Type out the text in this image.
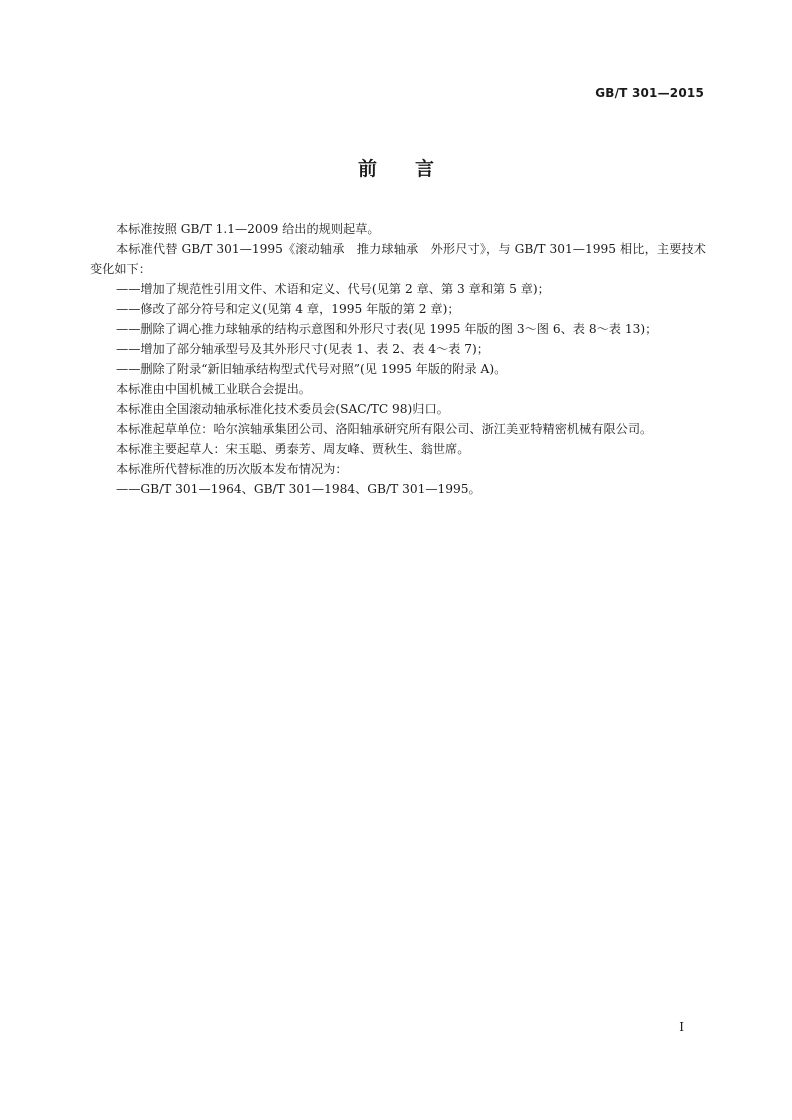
GB/T 301—2015
前言

本标准按照 GB/T 1.1—2009 给出的规则起草。

本标准代替 GB/T 301—1995《滚动轴承　推力球轴承　外形尺寸》，与 GB/T 301—1995 相比，主要技术变化如下：

——增加了规范性引用文件、术语和定义、代号(见第 2 章、第 3 章和第 5 章)；

——修改了部分符号和定义(见第 4 章，1995 年版的第 2 章)；

——删除了调心推力球轴承的结构示意图和外形尺寸表(见 1995 年版的图 3～图 6、表 8～表 13)；

——增加了部分轴承型号及其外形尺寸(见表 1、表 2、表 4～表 7)；

——删除了附录“新旧轴承结构型式代号对照”(见 1995 年版的附录 A)。

本标准由中国机械工业联合会提出。

本标准由全国滚动轴承标准化技术委员会(SAC/TC 98)归口。

本标准起草单位：哈尔滨轴承集团公司、洛阳轴承研究所有限公司、浙江美亚特精密机械有限公司。

本标准主要起草人：宋玉聪、勇泰芳、周友峰、贾秋生、翁世席。

本标准所代替标准的历次版本发布情况为：

——GB/T 301—1964、GB/T 301—1984、GB/T 301—1995。

I
